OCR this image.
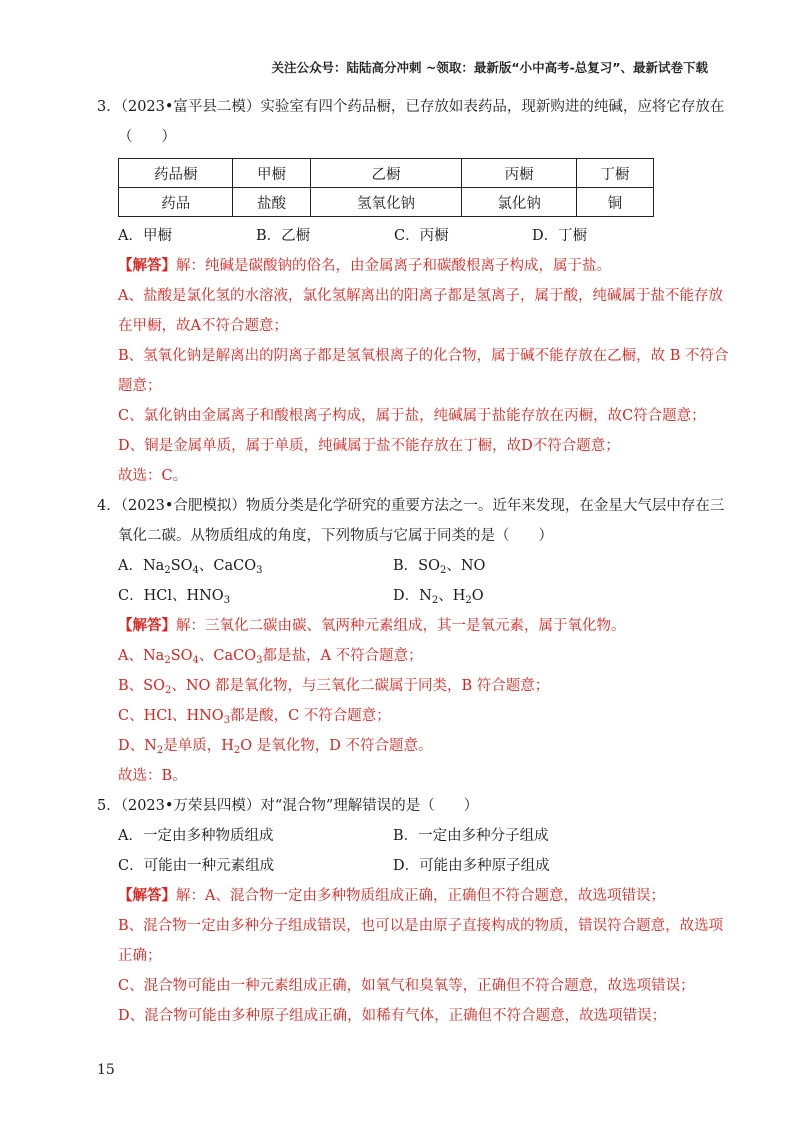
关注公众号：陆陆高分冲刺 ~领取：最新版“小中高考-总复习”、最新试卷下载
3．（2023•富平县二模）实验室有四个药品橱，已存放如表药品，现新购进的纯碱，应将它存放在
（　　）
药品橱	甲橱	乙橱	丙橱	丁橱
药品	盐酸	氢氧化钠	氯化钠	铜
A．甲橱	B．乙橱	C．丙橱	D．丁橱
【解答】解：纯碱是碳酸钠的俗名，由金属离子和碳酸根离子构成，属于盐。
A、盐酸是氯化氢的水溶液，氯化氢解离出的阳离子都是氢离子，属于酸，纯碱属于盐不能存放
在甲橱，故A不符合题意；
B、氢氧化钠是解离出的阴离子都是氢氧根离子的化合物，属于碱不能存放在乙橱，故 B 不符合
题意；
C、氯化钠由金属离子和酸根离子构成，属于盐，纯碱属于盐能存放在丙橱，故C符合题意；
D、铜是金属单质，属于单质，纯碱属于盐不能存放在丁橱，故D不符合题意；
故选：C。
4．（2023•合肥模拟）物质分类是化学研究的重要方法之一。近年来发现，在金星大气层中存在三
氧化二碳。从物质组成的角度，下列物质与它属于同类的是（　　）
A．$Na_2SO_4$、CaCO$_3$	B．$SO_2$、NO
C．HCl、$HNO_3$	D．$N_2$、$H_2O$
【解答】解：三氧化二碳由碳、氧两种元素组成，其一是氧元素，属于氧化物。
A、$Na_2SO_4$、CaCO$_3$都是盐，A 不符合题意；
B、$SO_2$、NO 都是氧化物，与三氧化二碳属于同类，B 符合题意；
C、HCl、$HNO_3$都是酸，C 不符合题意；
D、$N_2$是单质，$H_2O$ 是氧化物，D 不符合题意。
故选：B。
5．（2023•万荣县四模）对“混合物”理解错误的是（　　）
A．一定由多种物质组成	B．一定由多种分子组成
C．可能由一种元素组成	D．可能由多种原子组成
【解答】解：A、混合物一定由多种物质组成正确，正确但不符合题意，故选项错误；
B、混合物一定由多种分子组成错误，也可以是由原子直接构成的物质，错误符合题意，故选项
正确；
C、混合物可能由一种元素组成正确，如氧气和臭氧等，正确但不符合题意，故选项错误；
D、混合物可能由多种原子组成正确，如稀有气体，正确但不符合题意，故选项错误；
15
